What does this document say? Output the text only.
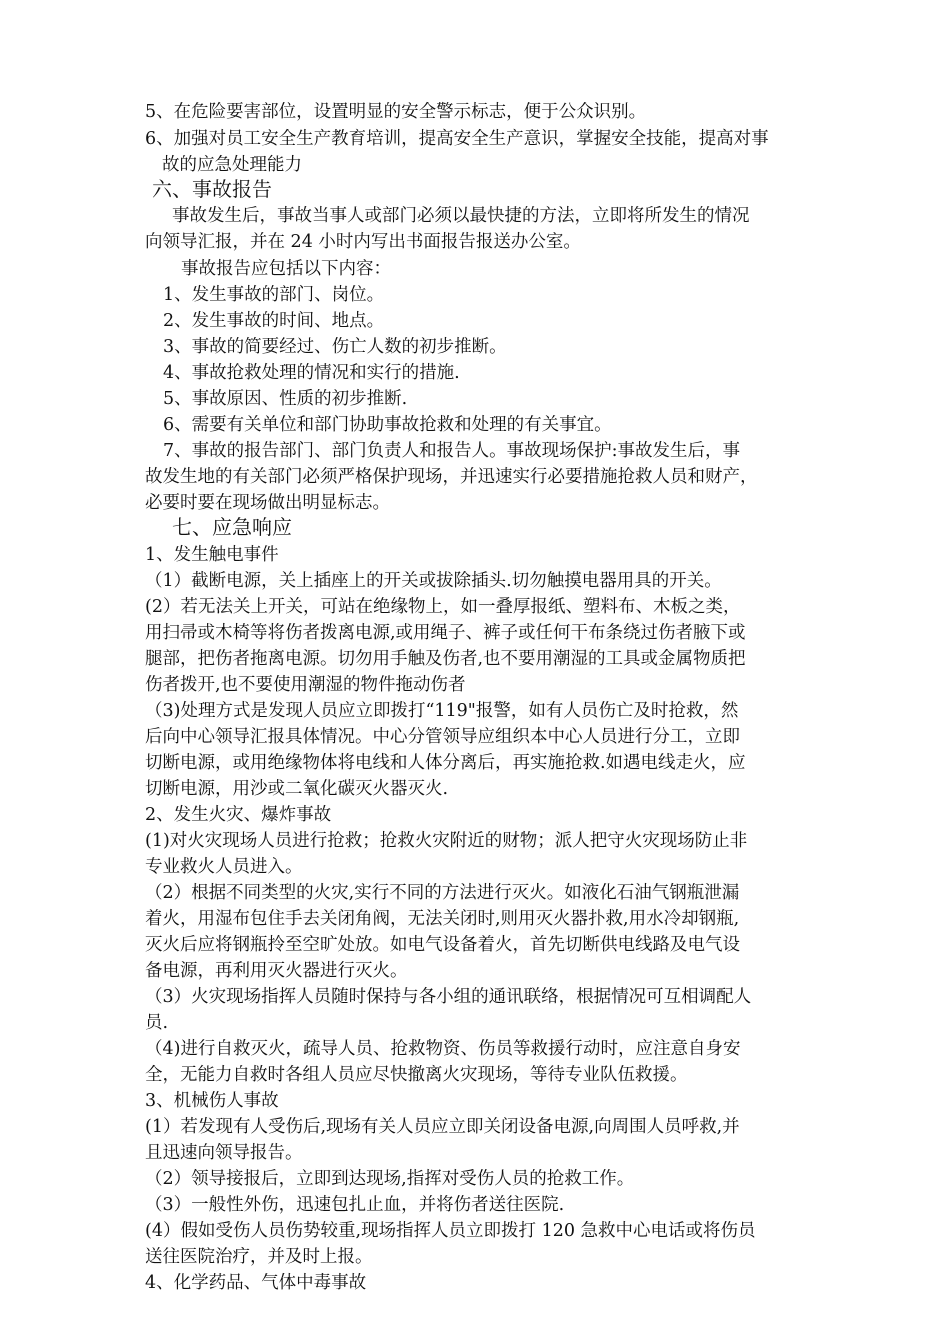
5、在危险要害部位，设置明显的安全警示标志，便于公众识别。
6、加强对员工安全生产教育培训，提高安全生产意识，掌握安全技能，提高对事
故的应急处理能力
六、事故报告
事故发生后，事故当事人或部门必须以最快捷的方法，立即将所发生的情况
向领导汇报，并在 24 小时内写出书面报告报送办公室。
事故报告应包括以下内容：
1、发生事故的部门、岗位。
2、发生事故的时间、地点。
3、事故的简要经过、伤亡人数的初步推断。
4、事故抢救处理的情况和实行的措施.
5、事故原因、性质的初步推断.
6、需要有关单位和部门协助事故抢救和处理的有关事宜。
7、事故的报告部门、部门负责人和报告人。事故现场保护:事故发生后，事
故发生地的有关部门必须严格保护现场，并迅速实行必要措施抢救人员和财产，
必要时要在现场做出明显标志。
七、应急响应
1、发生触电事件
（1）截断电源，关上插座上的开关或拔除插头.切勿触摸电器用具的开关。
(2）若无法关上开关，可站在绝缘物上，如一叠厚报纸、塑料布、木板之类，
用扫帚或木椅等将伤者拨离电源,或用绳子、裤子或任何干布条绕过伤者腋下或
腿部，把伤者拖离电源。切勿用手触及伤者,也不要用潮湿的工具或金属物质把
伤者拨开,也不要使用潮湿的物件拖动伤者
（3)处理方式是发现人员应立即拨打“119"报警，如有人员伤亡及时抢救，然
后向中心领导汇报具体情况。中心分管领导应组织本中心人员进行分工，立即
切断电源，或用绝缘物体将电线和人体分离后，再实施抢救.如遇电线走火，应
切断电源，用沙或二氧化碳灭火器灭火.
2、发生火灾、爆炸事故
(1)对火灾现场人员进行抢救；抢救火灾附近的财物；派人把守火灾现场防止非
专业救火人员进入。
（2）根据不同类型的火灾,实行不同的方法进行灭火。如液化石油气钢瓶泄漏
着火，用湿布包住手去关闭角阀，无法关闭时,则用灭火器扑救,用水冷却钢瓶,
灭火后应将钢瓶拎至空旷处放。如电气设备着火，首先切断供电线路及电气设
备电源，再利用灭火器进行灭火。
（3）火灾现场指挥人员随时保持与各小组的通讯联络，根据情况可互相调配人
员.
（4)进行自救灭火，疏导人员、抢救物资、伤员等救援行动时，应注意自身安
全，无能力自救时各组人员应尽快撤离火灾现场，等待专业队伍救援。
3、机械伤人事故
(1）若发现有人受伤后,现场有关人员应立即关闭设备电源,向周围人员呼救,并
且迅速向领导报告。
（2）领导接报后，立即到达现场,指挥对受伤人员的抢救工作。
（3）一般性外伤，迅速包扎止血，并将伤者送往医院.
(4）假如受伤人员伤势较重,现场指挥人员立即拨打 120 急救中心电话或将伤员
送往医院治疗，并及时上报。
4、化学药品、气体中毒事故
